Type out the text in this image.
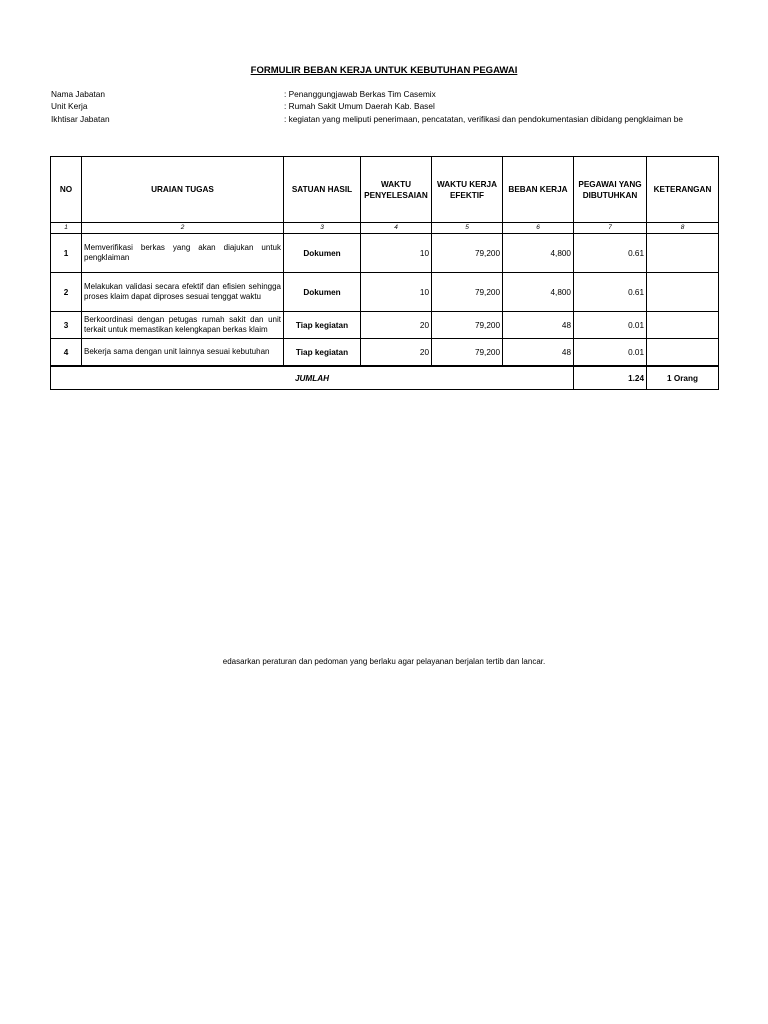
FORMULIR BEBAN KERJA UNTUK KEBUTUHAN PEGAWAI
Nama Jabatan	: Penanggungjawab Berkas Tim Casemix
Unit Kerja	: Rumah Sakit Umum Daerah Kab. Basel
Ikhtisar Jabatan	: kegiatan yang meliputi penerimaan, pencatatan, verifikasi dan pendokumentasian dibidang pengklaiman be
NO	URAIAN TUGAS	SATUAN HASIL	WAKTU PENYELESAIAN	WAKTU KERJA EFEKTIF	BEBAN KERJA	PEGAWAI YANG DIBUTUHKAN	KETERANGAN
1	2	3	4	5	6	7	8
1	Memverifikasi berkas yang akan diajukan untuk pengklaiman	Dokumen	10	79,200	4,800	0.61	
2	Melakukan validasi secara efektif dan efisien sehingga proses klaim dapat diproses sesuai tenggat waktu	Dokumen	10	79,200	4,800	0.61	
3	Berkoordinasi dengan petugas rumah sakit dan unit terkait untuk memastikan kelengkapan berkas klaim	Tiap kegiatan	20	79,200	48	0.01	
4	Bekerja sama dengan unit lainnya sesuai kebutuhan	Tiap kegiatan	20	79,200	48	0.01	
JUMLAH						1.24	1 Orang
edasarkan peraturan dan pedoman yang berlaku agar pelayanan berjalan tertib dan lancar.
